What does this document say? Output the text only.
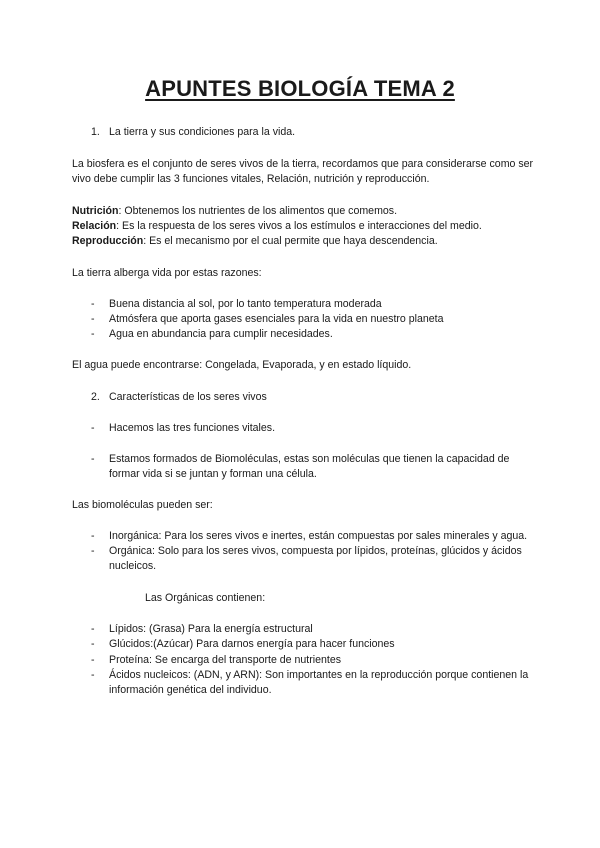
APUNTES BIOLOGÍA TEMA 2
1. La tierra y sus condiciones para la vida.
La biosfera es el conjunto de seres vivos de la tierra, recordamos que para considerarse como ser
vivo debe cumplir las 3 funciones vitales, Relación, nutrición y reproducción.
Nutrición: Obtenemos los nutrientes de los alimentos que comemos.
Relación: Es la respuesta de los seres vivos a los estímulos e interacciones del medio.
Reproducción: Es el mecanismo por el cual permite que haya descendencia.
La tierra alberga vida por estas razones:
- Buena distancia al sol, por lo tanto temperatura moderada
- Atmósfera que aporta gases esenciales para la vida en nuestro planeta
- Agua en abundancia para cumplir necesidades.
El agua puede encontrarse: Congelada, Evaporada, y en estado líquido.
2. Características de los seres vivos
- Hacemos las tres funciones vitales.
- Estamos formados de Biomoléculas, estas son moléculas que tienen la capacidad de
formar vida si se juntan y forman una célula.
Las biomoléculas pueden ser:
- Inorgánica: Para los seres vivos e inertes, están compuestas por sales minerales y agua.
- Orgánica: Solo para los seres vivos, compuesta por lípidos, proteínas, glúcidos y ácidos
nucleicos.
Las Orgánicas contienen:
- Lípidos: (Grasa) Para la energía estructural
- Glúcidos:(Azúcar) Para darnos energía para hacer funciones
- Proteína: Se encarga del transporte de nutrientes
- Ácidos nucleicos: (ADN, y ARN): Son importantes en la reproducción porque contienen la
información genética del individuo.
